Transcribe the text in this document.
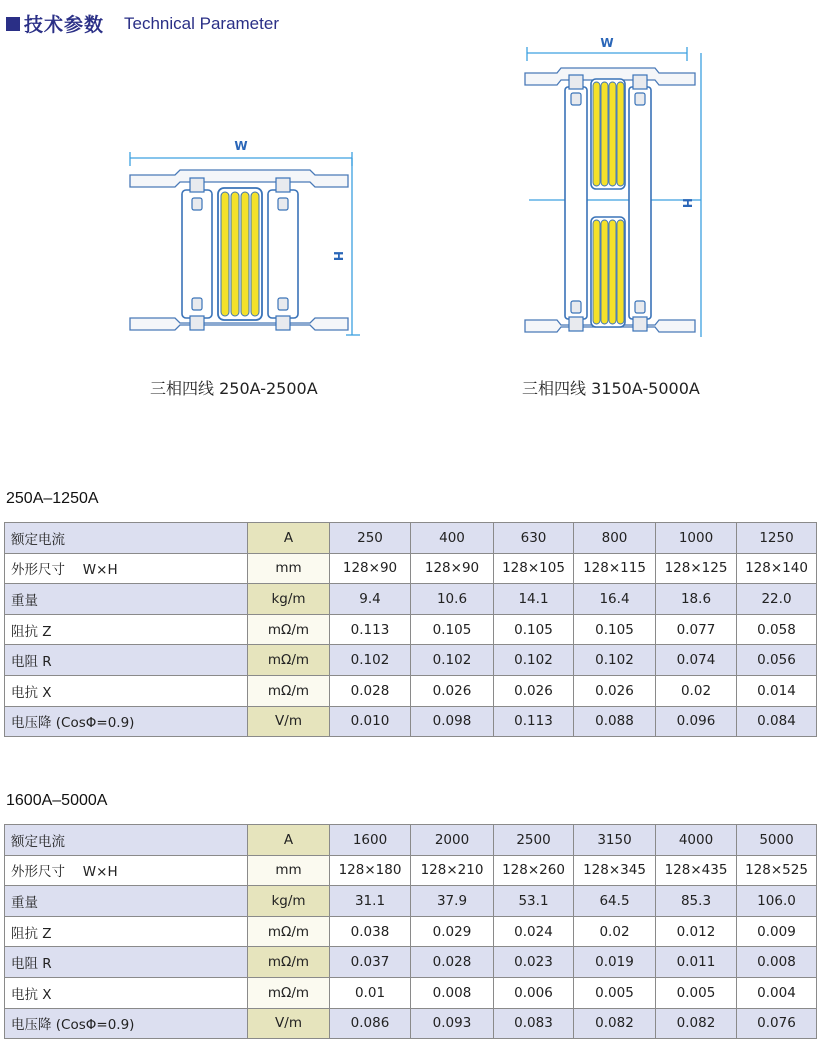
技术参数 Technical Parameter
W
H
三相四线 250A-2500A
W
H
三相四线 3150A-5000A
250A–1250A
额定电流	A	250	400	630	800	1000	1250
外形尺寸　 W×H	mm	128×90	128×90	128×105	128×115	128×125	128×140
重量	kg/m	9.4	10.6	14.1	16.4	18.6	22.0
阻抗 Z	mΩ/m	0.113	0.105	0.105	0.105	0.077	0.058
电阻 R	mΩ/m	0.102	0.102	0.102	0.102	0.074	0.056
电抗 X	mΩ/m	0.028	0.026	0.026	0.026	0.02	0.014
电压降 (CosΦ=0.9)	V/m	0.010	0.098	0.113	0.088	0.096	0.084
1600A–5000A
额定电流	A	1600	2000	2500	3150	4000	5000
外形尺寸　 W×H	mm	128×180	128×210	128×260	128×345	128×435	128×525
重量	kg/m	31.1	37.9	53.1	64.5	85.3	106.0
阻抗 Z	mΩ/m	0.038	0.029	0.024	0.02	0.012	0.009
电阻 R	mΩ/m	0.037	0.028	0.023	0.019	0.011	0.008
电抗 X	mΩ/m	0.01	0.008	0.006	0.005	0.005	0.004
电压降 (CosΦ=0.9)	V/m	0.086	0.093	0.083	0.082	0.082	0.076
